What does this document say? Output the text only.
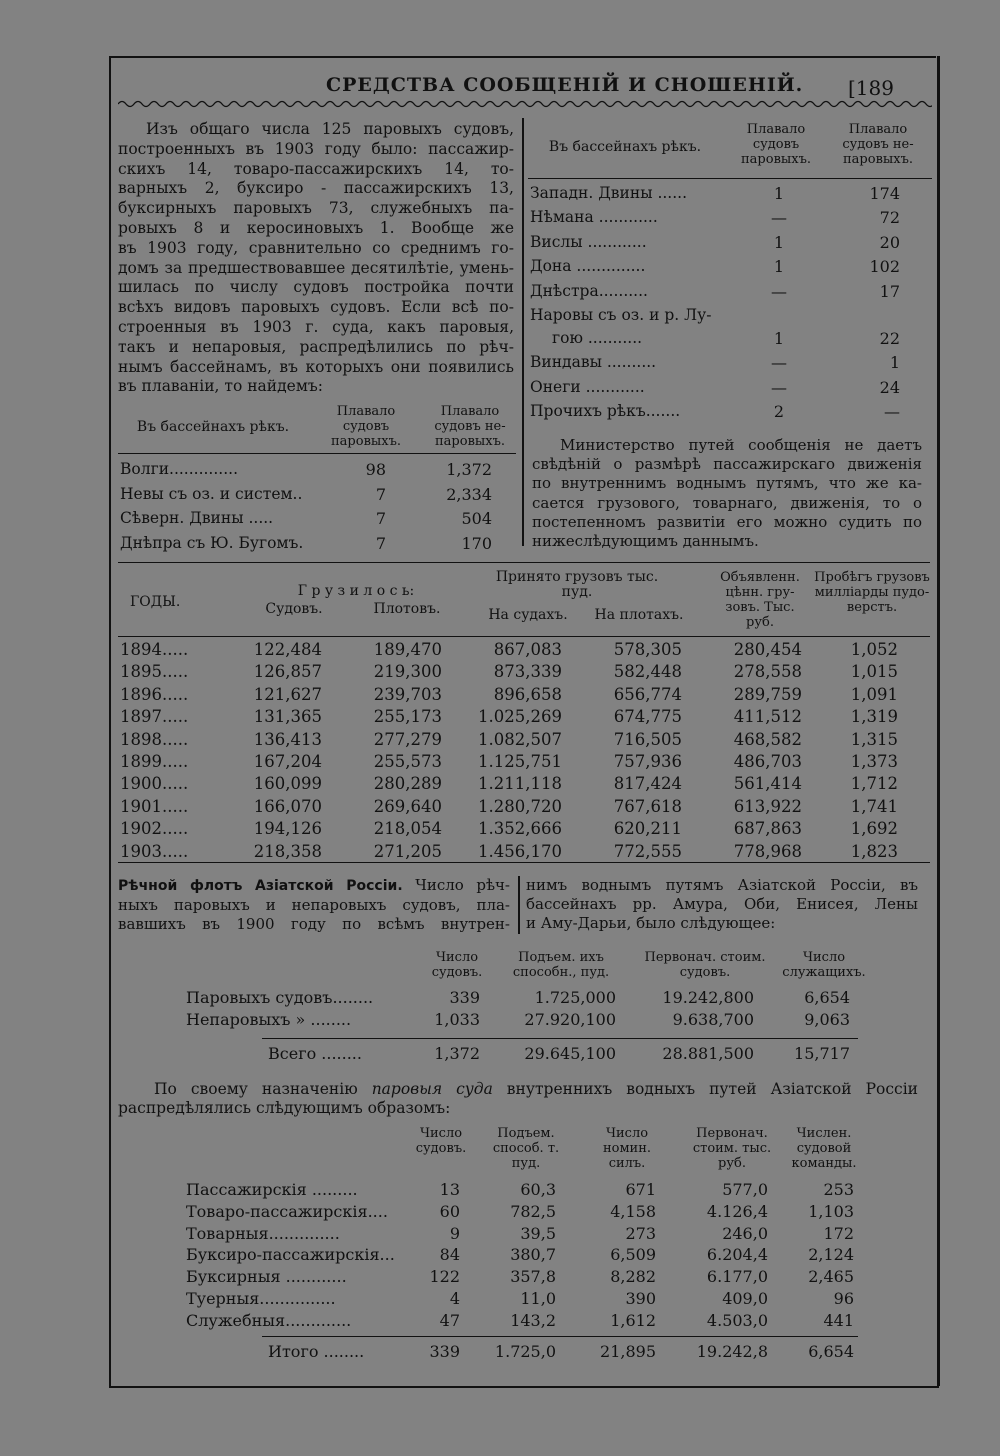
СРЕДСТВА СООБЩЕНІЙ И СНОШЕНІЙ. [189
Изъ общаго числа 125 паровыхъ судовъ,
построенныхъ въ 1903 году было: пассажир-
скихъ 14, товаро-пассажирскихъ 14, то-
варныхъ 2, буксиро - пассажирскихъ 13,
буксирныхъ паровыхъ 73, служебныхъ па-
ровыхъ 8 и керосиновыхъ 1. Вообще же
въ 1903 году, сравнительно со среднимъ го-
домъ за предшествовавшее десятилѣтіе, умень-
шилась по числу судовъ постройка почти
всѣхъ видовъ паровыхъ судовъ. Если всѣ по-
строенныя въ 1903 г. суда, какъ паровыя,
такъ и непаровыя, распредѣлились по рѣч-
нымъ бассейнамъ, въ которыхъ они появились
въ плаваніи, то найдемъ:
Въ бассейнахъ рѣкъ.
Плавало судовъ паровыхъ.
Плавало судовъ не- паровыхъ.
Волги..............	98	1,372
Невы съ оз. и систем..	7	2,334
Сѣверн. Двины .....	7	504
Днѣпра съ Ю. Бугомъ.	7	170
Въ бассейнахъ рѣкъ.
Плавало судовъ паровыхъ.
Плавало судовъ не- паровыхъ.
Западн. Двины ......	1	174
Нѣмана ............	—	72
Вислы ............	1	20
Дона ..............	1	102
Днѣстра..........	—	17
Наровы съ оз. и р. Лу-
гою ...........	1	22
Виндавы ..........	—	1
Онеги ............	—	24
Прочихъ рѣкъ.......	2	—
Министерство путей сообщенія не даетъ
свѣдѣній о размѣрѣ пассажирскаго движенія
по внутреннимъ воднымъ путямъ, что же ка-
сается грузового, товарнаго, движенія, то о
постепенномъ развитіи его можно судить по
нижеслѣдующимъ даннымъ.
ГОДЫ.
Г р у з и л о с ь:
Судовъ.	Плотовъ.
Принято грузовъ тыс. пуд.
На судахъ.	На плотахъ.
Объявленн. цѣнн. гру- зовъ. Тыс. руб.
Пробѣгъ грузовъ милліарды пудо-верстъ.
1894.....	122,484	189,470	867,083	578,305	280,454	1,052
1895.....	126,857	219,300	873,339	582,448	278,558	1,015
1896.....	121,627	239,703	896,658	656,774	289,759	1,091
1897.....	131,365	255,173	1.025,269	674,775	411,512	1,319
1898.....	136,413	277,279	1.082,507	716,505	468,582	1,315
1899.....	167,204	255,573	1.125,751	757,936	486,703	1,373
1900.....	160,099	280,289	1.211,118	817,424	561,414	1,712
1901.....	166,070	269,640	1.280,720	767,618	613,922	1,741
1902.....	194,126	218,054	1.352,666	620,211	687,863	1,692
1903.....	218,358	271,205	1.456,170	772,555	778,968	1,823
Рѣчной флотъ Азіатской Россіи. Число рѣч-
ныхъ паровыхъ и непаровыхъ судовъ, пла-
вавшихъ въ 1900 году по всѣмъ внутрен-
нимъ воднымъ путямъ Азіатской Россіи, въ
бассейнахъ рр. Амура, Оби, Енисея, Лены
и Аму-Дарьи, было слѣдующее:
Число судовъ.
Подъем. ихъ способн., пуд.
Первонач. стоим. судовъ.
Число служащихъ.
Паровыхъ судовъ........	339	1.725,000	19.242,800	6,654
Непаровыхъ » ........	1,033	27.920,100	9.638,700	9,063
Всего ........	1,372	29.645,100	28.881,500	15,717
По своему назначенію паровыя суда внутреннихъ водныхъ путей Азіатской Россіи
распредѣлялись слѣдующимъ образомъ:
Число судовъ.
Подъем. способ. т. пуд.
Число номин. силъ.
Первонач. стоим. тыс. руб.
Числен. судовой команды.
Пассажирскія .........	13	60,3	671	577,0	253
Товаро-пассажирскія....	60	782,5	4,158	4.126,4	1,103
Товарныя..............	9	39,5	273	246,0	172
Буксиро-пассажирскія...	84	380,7	6,509	6.204,4	2,124
Буксирныя ............	122	357,8	8,282	6.177,0	2,465
Туерныя...............	4	11,0	390	409,0	96
Служебныя.............	47	143,2	1,612	4.503,0	441
Итого ........	339	1.725,0	21,895	19.242,8	6,654
